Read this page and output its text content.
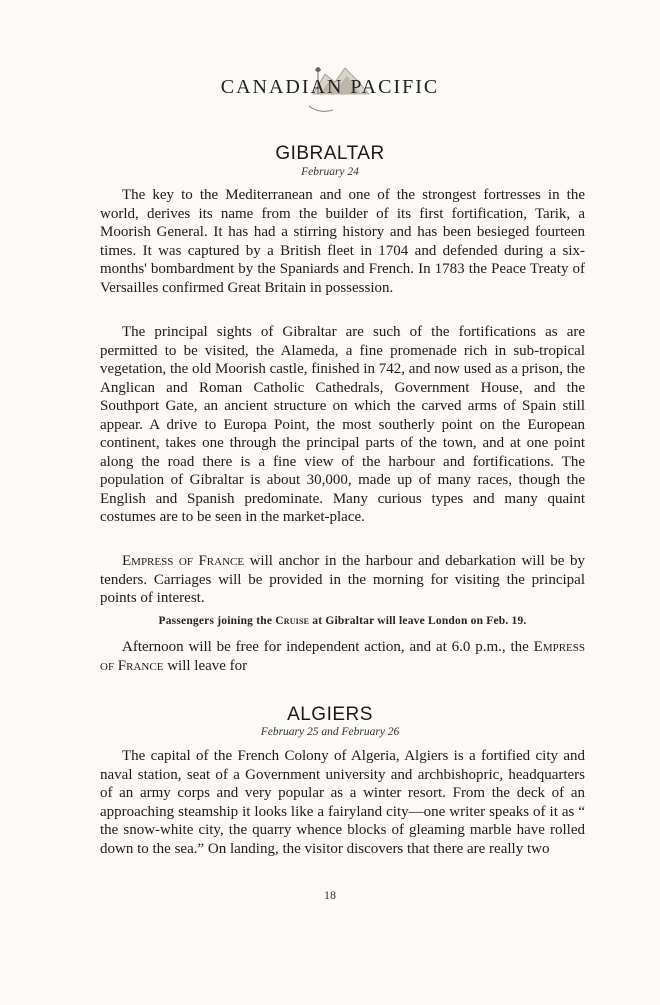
CANADIAN PACIFIC
GIBRALTAR
February 24

The key to the Mediterranean and one of the strongest fortresses in the world, derives its name from the builder of its first fortification, Tarik, a Moorish General. It has had a stirring history and has been besieged fourteen times. It was captured by a British fleet in 1704 and defended during a six-months' bombardment by the Spaniards and French. In 1783 the Peace Treaty of Versailles confirmed Great Britain in possession.

The principal sights of Gibraltar are such of the fortifications as are permitted to be visited, the Alameda, a fine promenade rich in sub-tropical vegetation, the old Moorish castle, finished in 742, and now used as a prison, the Anglican and Roman Catholic Cathedrals, Government House, and the Southport Gate, an ancient structure on which the carved arms of Spain still appear. A drive to Europa Point, the most southerly point on the European continent, takes one through the principal parts of the town, and at one point along the road there is a fine view of the harbour and fortifications. The population of Gibraltar is about 30,000, made up of many races, though the English and Spanish predominate. Many curious types and many quaint costumes are to be seen in the market-place.

Empress of France will anchor in the harbour and debarkation will be by tenders. Carriages will be provided in the morning for visiting the principal points of interest.

Passengers joining the Cruise at Gibraltar will leave London on Feb. 19.

Afternoon will be free for independent action, and at 6.0 p.m., the Empress of France will leave for

ALGIERS
February 25 and February 26

The capital of the French Colony of Algeria, Algiers is a fortified city and naval station, seat of a Government university and archbishopric, headquarters of an army corps and very popular as a winter resort. From the deck of an approaching steamship it looks like a fairyland city—one writer speaks of it as “ the snow-white city, the quarry whence blocks of gleaming marble have rolled down to the sea.” On landing, the visitor discovers that there are really two

18
